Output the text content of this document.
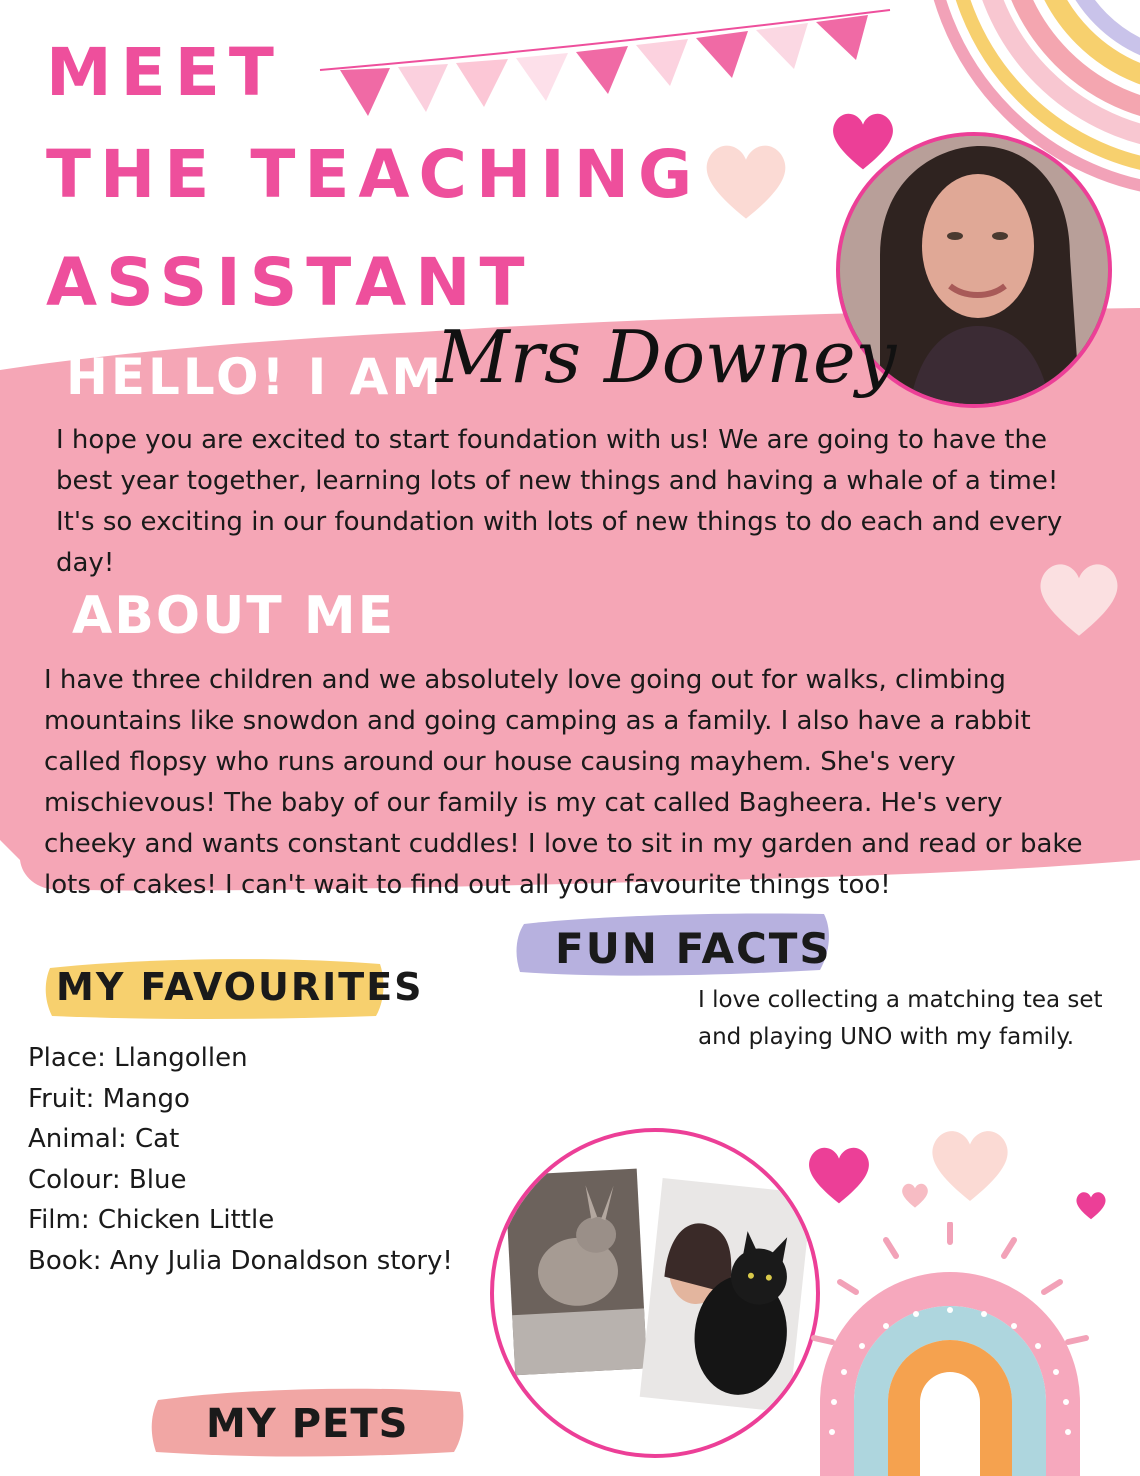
MEET
THE TEACHING
ASSISTANT
HELLO! I AM
Mrs Downey

I hope you are excited to start foundation with us! We are going to have the best year together, learning lots of new things and having a whale of a time! It's so exciting in our foundation with lots of new things to do each and every day!

ABOUT ME

I have three children and we absolutely love going out for walks, climbing mountains like snowdon and going camping as a family. I also have a rabbit called flopsy who runs around our house causing mayhem. She's very mischievous! The baby of our family is my cat called Bagheera. He's very cheeky and wants constant cuddles! I love to sit in my garden and read or bake lots of cakes! I can't wait to find out all your favourite things too!

FUN FACTS

I love collecting a matching tea set and playing UNO with my family.

MY FAVOURITES
Place: Llangollen
Fruit: Mango
Animal: Cat
Colour: Blue
Film: Chicken Little
Book: Any Julia Donaldson story!
MY PETS
